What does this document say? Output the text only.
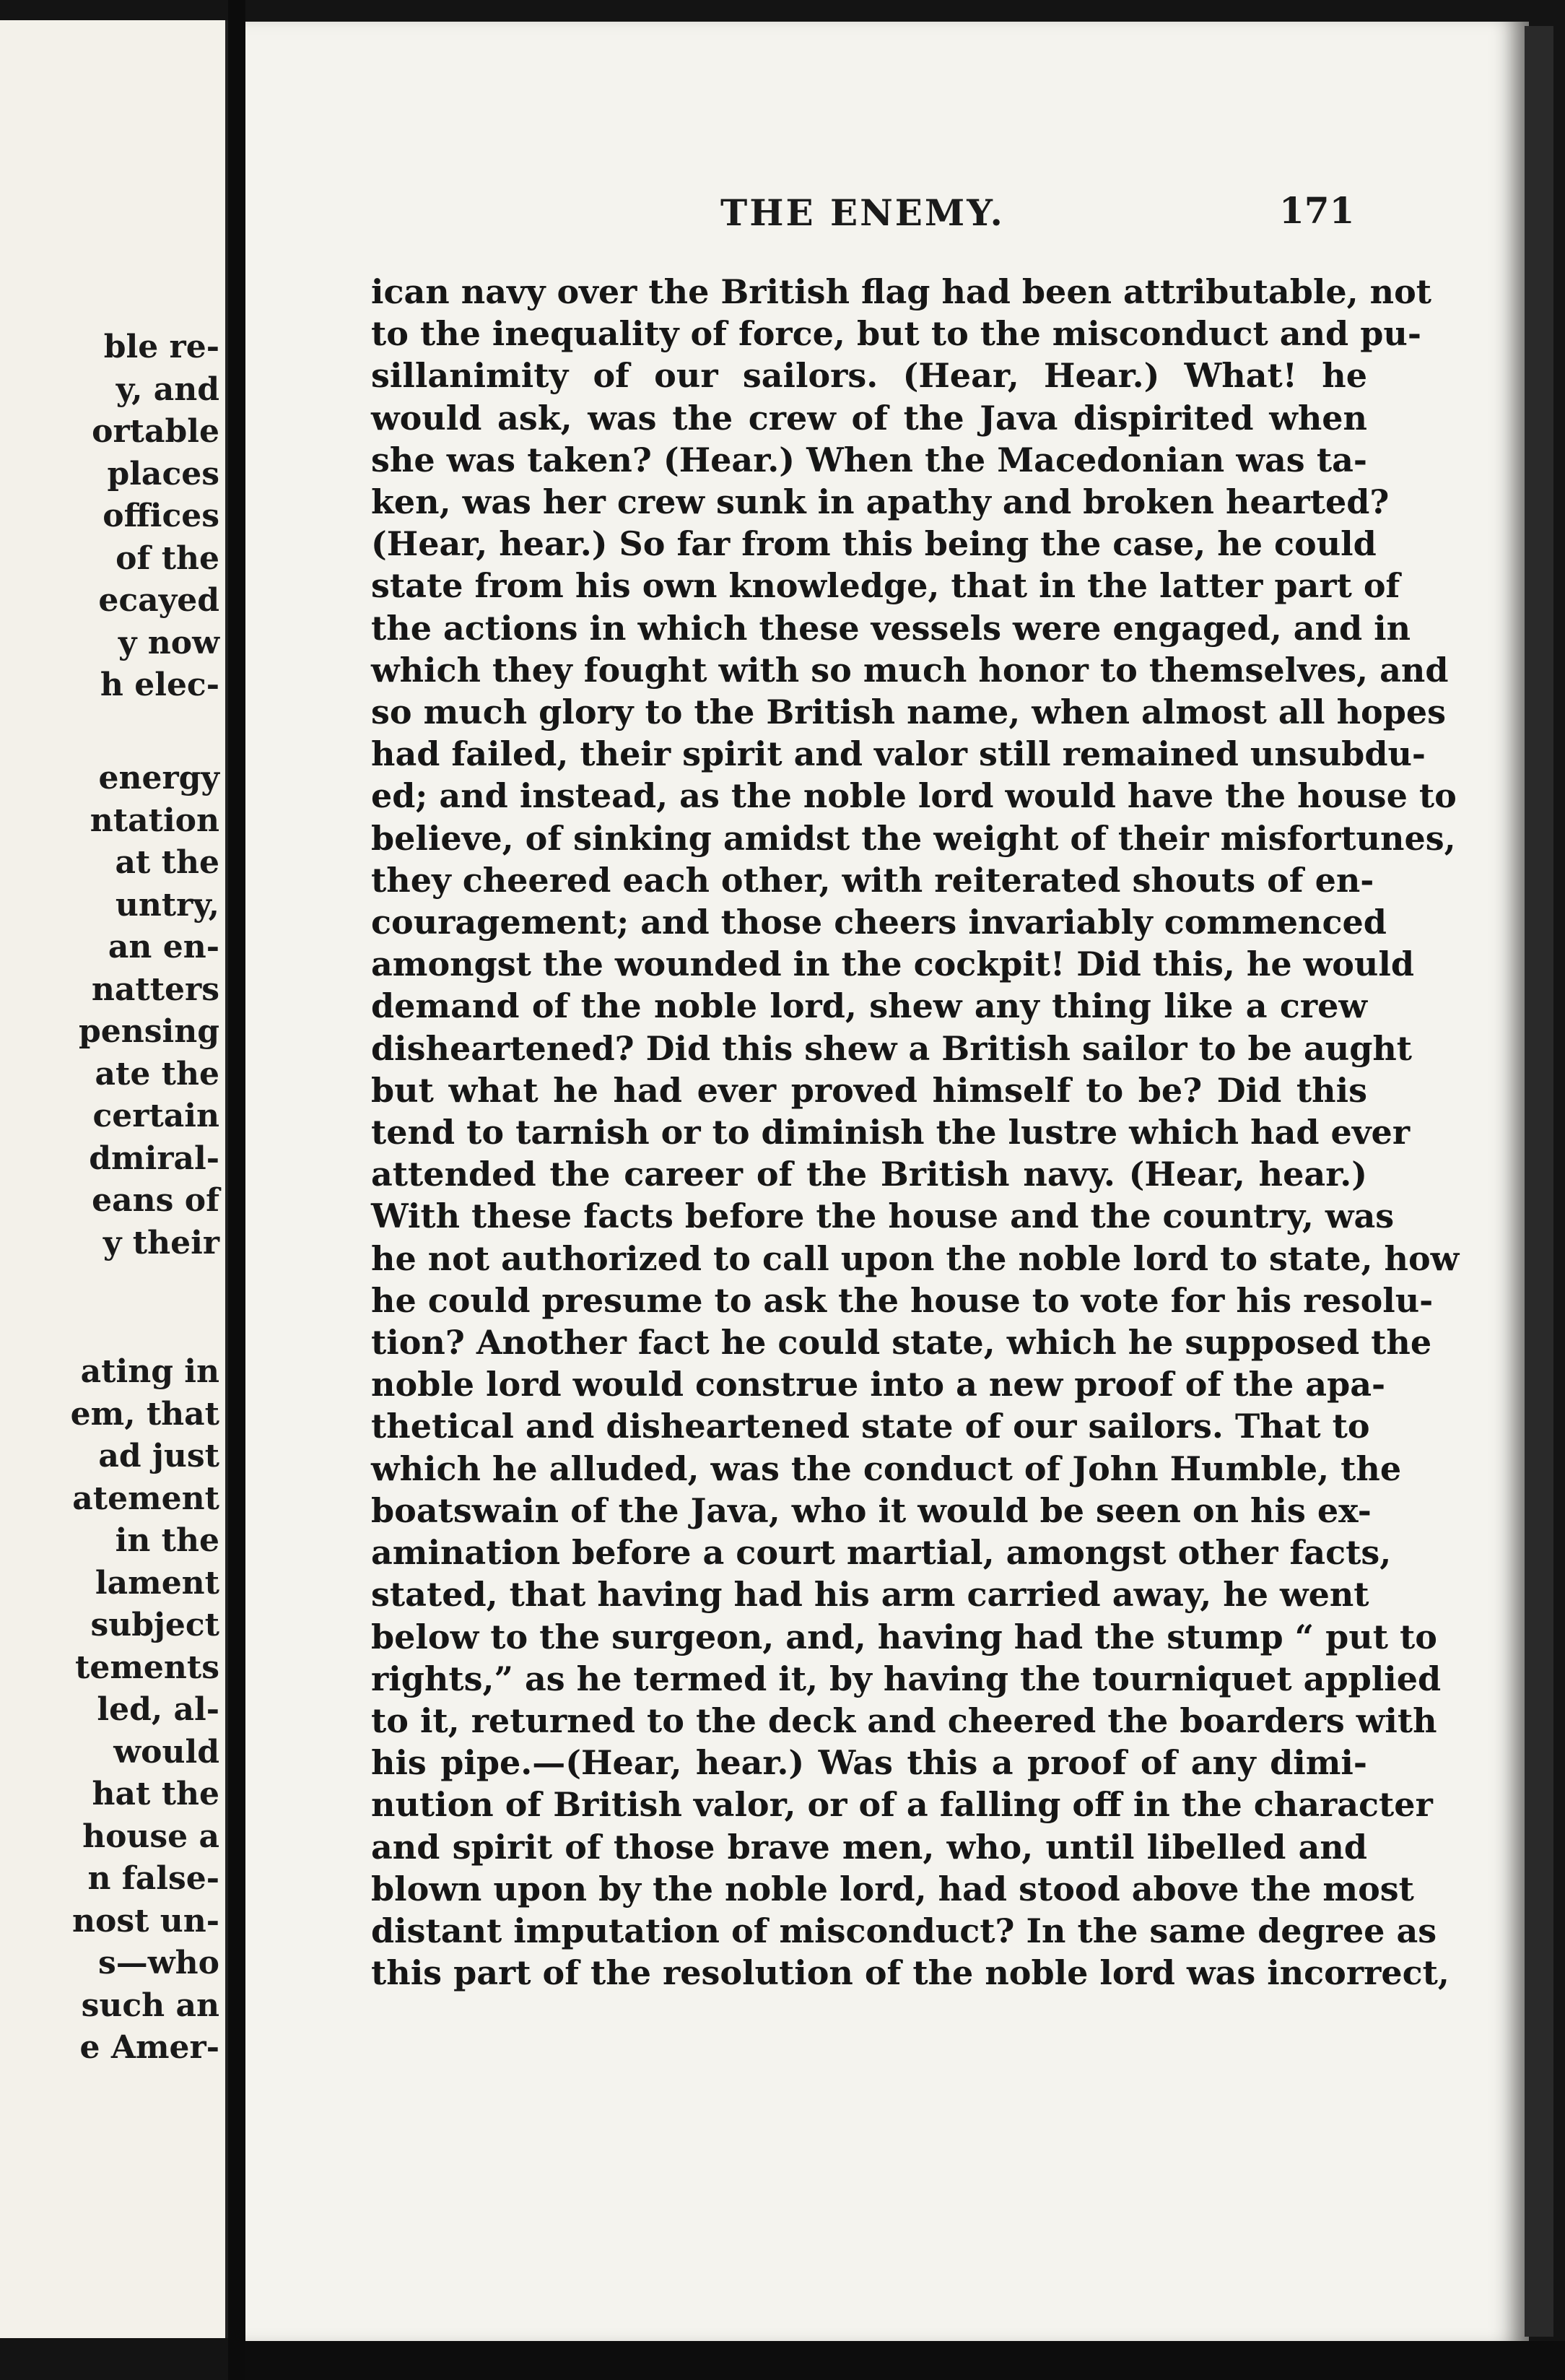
ble re-
y, and
ortable
places
offices
of the
ecayed
y now
h elec-
energy
ntation
at the
untry,
an en-
natters
pensing
ate the
certain
dmiral-
eans of
y their
ating in
em, that
ad just
atement
in the
lament
subject
tements
led, al-
would
hat the
house a
n false-
nost un-
s—who
such an
e Amer-
THE ENEMY.	171
ican navy over the British flag had been attributable, not
to the inequality of force, but to the misconduct and pu-
sillanimity of our sailors. (Hear, Hear.) What! he
would ask, was the crew of the Java dispirited when
she was taken? (Hear.) When the Macedonian was ta-
ken, was her crew sunk in apathy and broken hearted?
(Hear, hear.) So far from this being the case, he could
state from his own knowledge, that in the latter part of
the actions in which these vessels were engaged, and in
which they fought with so much honor to themselves, and
so much glory to the British name, when almost all hopes
had failed, their spirit and valor still remained unsubdu-
ed; and instead, as the noble lord would have the house to
believe, of sinking amidst the weight of their misfortunes,
they cheered each other, with reiterated shouts of en-
couragement; and those cheers invariably commenced
amongst the wounded in the cockpit! Did this, he would
demand of the noble lord, shew any thing like a crew
disheartened? Did this shew a British sailor to be aught
but what he had ever proved himself to be? Did this
tend to tarnish or to diminish the lustre which had ever
attended the career of the British navy. (Hear, hear.)
With these facts before the house and the country, was
he not authorized to call upon the noble lord to state, how
he could presume to ask the house to vote for his resolu-
tion? Another fact he could state, which he supposed the
noble lord would construe into a new proof of the apa-
thetical and disheartened state of our sailors. That to
which he alluded, was the conduct of John Humble, the
boatswain of the Java, who it would be seen on his ex-
amination before a court martial, amongst other facts,
stated, that having had his arm carried away, he went
below to the surgeon, and, having had the stump “ put to
rights,” as he termed it, by having the tourniquet applied
to it, returned to the deck and cheered the boarders with
his pipe.—(Hear, hear.) Was this a proof of any dimi-
nution of British valor, or of a falling off in the character
and spirit of those brave men, who, until libelled and
blown upon by the noble lord, had stood above the most
distant imputation of misconduct? In the same degree as
this part of the resolution of the noble lord was incorrect,
